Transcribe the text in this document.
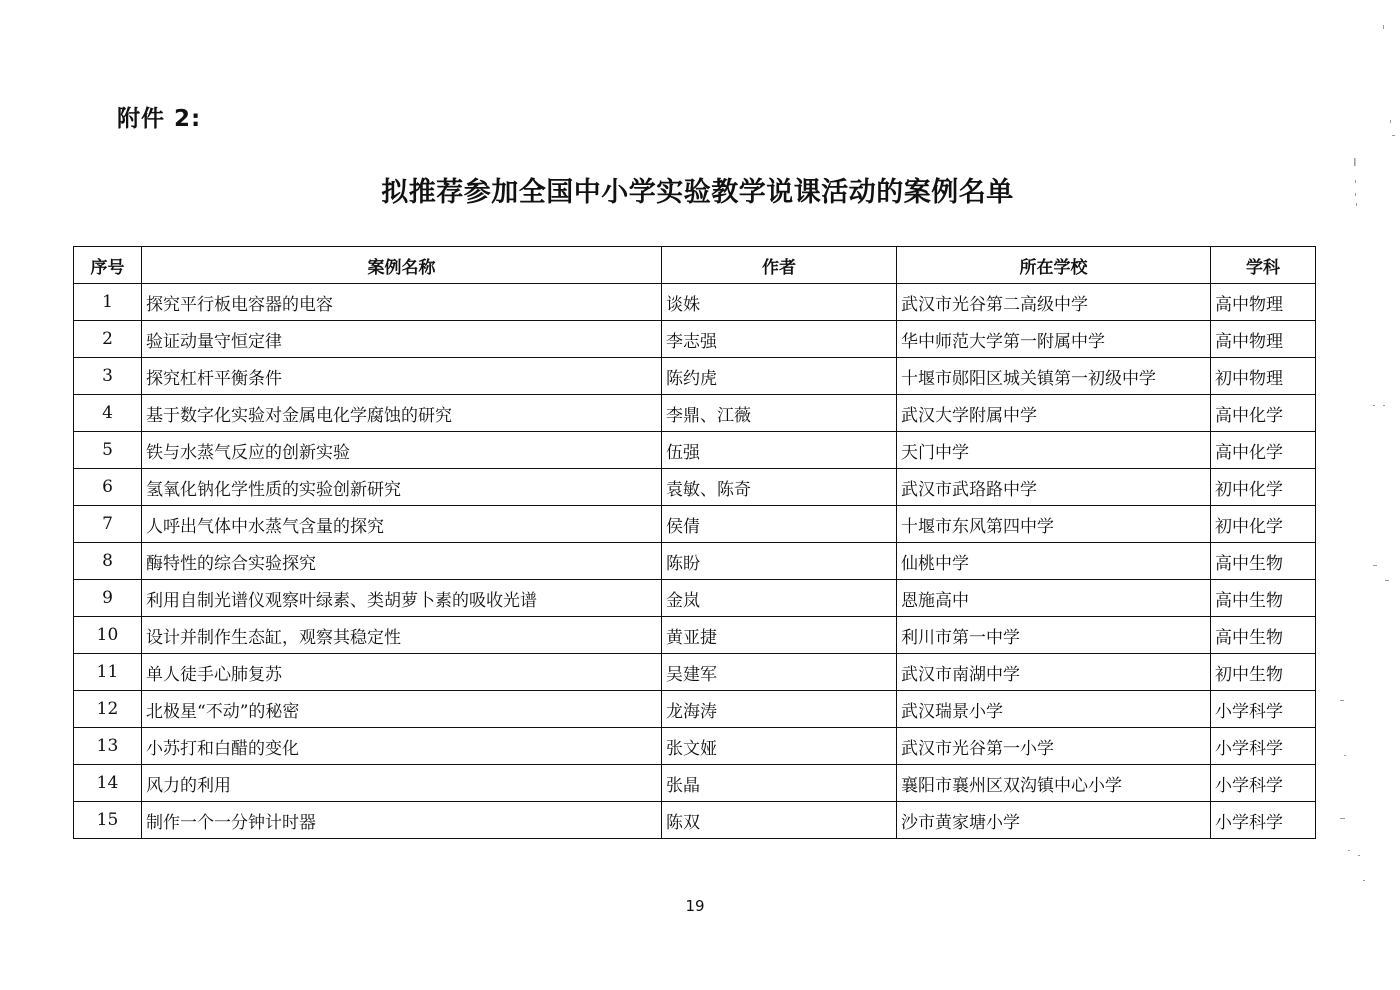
附件 2:
拟推荐参加全国中小学实验教学说课活动的案例名单
序号	案例名称	作者	所在学校	学科
1	探究平行板电容器的电容	谈姝	武汉市光谷第二高级中学	高中物理
2	验证动量守恒定律	李志强	华中师范大学第一附属中学	高中物理
3	探究杠杆平衡条件	陈约虎	十堰市郧阳区城关镇第一初级中学	初中物理
4	基于数字化实验对金属电化学腐蚀的研究	李鼎、江薇	武汉大学附属中学	高中化学
5	铁与水蒸气反应的创新实验	伍强	天门中学	高中化学
6	氢氧化钠化学性质的实验创新研究	袁敏、陈奇	武汉市武珞路中学	初中化学
7	人呼出气体中水蒸气含量的探究	侯倩	十堰市东风第四中学	初中化学
8	酶特性的综合实验探究	陈盼	仙桃中学	高中生物
9	利用自制光谱仪观察叶绿素、类胡萝卜素的吸收光谱	金岚	恩施高中	高中生物
10	设计并制作生态缸，观察其稳定性	黄亚捷	利川市第一中学	高中生物
11	单人徒手心肺复苏	吴建军	武汉市南湖中学	初中生物
12	北极星“不动”的秘密	龙海涛	武汉瑞景小学	小学科学
13	小苏打和白醋的变化	张文娅	武汉市光谷第一小学	小学科学
14	风力的利用	张晶	襄阳市襄州区双沟镇中心小学	小学科学
15	制作一个一分钟计时器	陈双	沙市黄家塘小学	小学科学
19
